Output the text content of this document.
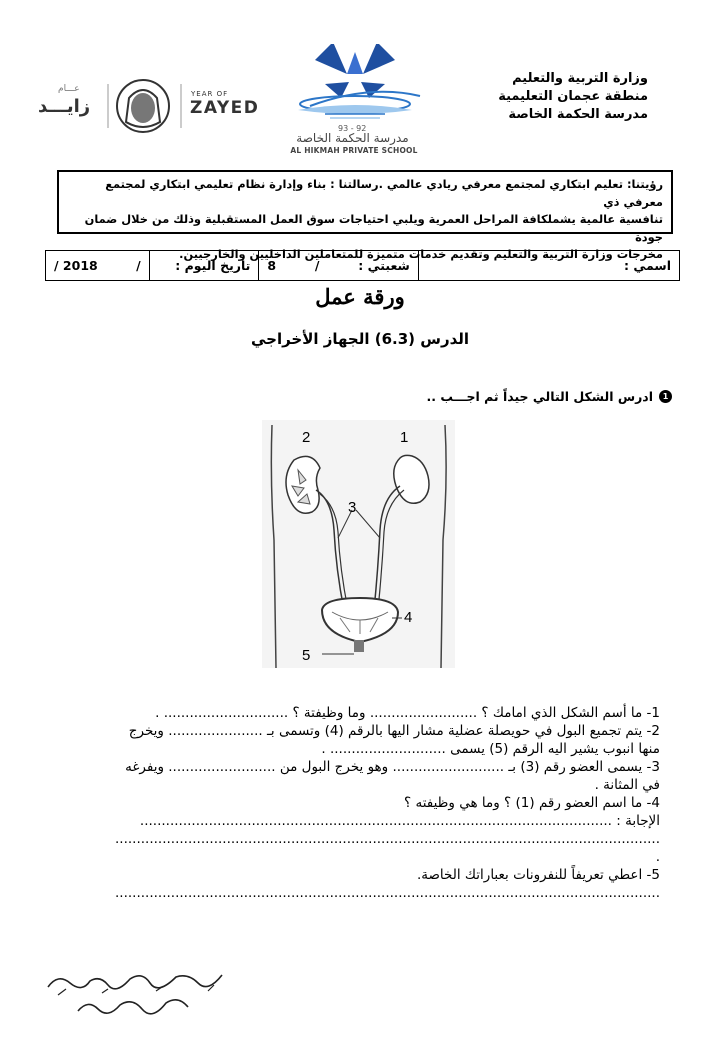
وزارة التربية والتعليم
منطقة عجمان التعليمية
مدرسة الحكمة الخاصة
93 - 92
مدرسة الحكمة الخاصة
AL HIKMAH PRIVATE SCHOOL
YEAR OF
ZAYED
عـــام
زايـــد
رؤيتنا: تعليم ابتكاري لمجتمع معرفي ريادي عالمي .رسالتنا : بناء وإدارة نظام تعليمي ابتكاري لمجتمع معرفي ذي
تنافسية عالمية يشملكافة المراحل العمرية ويلبي احتياجات سوق العمل المستقبلية وذلك من خلال ضمان جودة
مخرجات وزارة التربية والتعليم وتقديم خدمات متميزة للمتعاملين الداخليين والخارجيين.
اسمي :
شعبتي :
/
8
تاريخ اليوم :
/
2018 /
ورقة عمل
الدرس (6.3) الجهاز الأخراجي
1
ادرس الشكل التالي جيداً ثم اجـــب ..
2	1
3
4
5
1- ما أسم الشكل الذي امامك ؟ ......................... وما وظيفتة ؟ ............................. .
2- يتم تجميع البول في حويصلة عضلية مشار اليها بالرقم (4) وتسمى بـ ...................... ويخرج
منها انبوب يشير اليه الرقم (5) يسمى ........................... .
3- يسمى العضو رقم (3) بـ .......................... وهو يخرج البول من ......................... ويفرغه
في المثانة .
4- ما اسم العضو رقم (1) ؟ وما هي وظيفته ؟
الإجابة : ..............................................................................................................
...............................................................................................................................
.
5- اعطي تعريفاً للنفرونات بعباراتك الخاصة.
...............................................................................................................................
